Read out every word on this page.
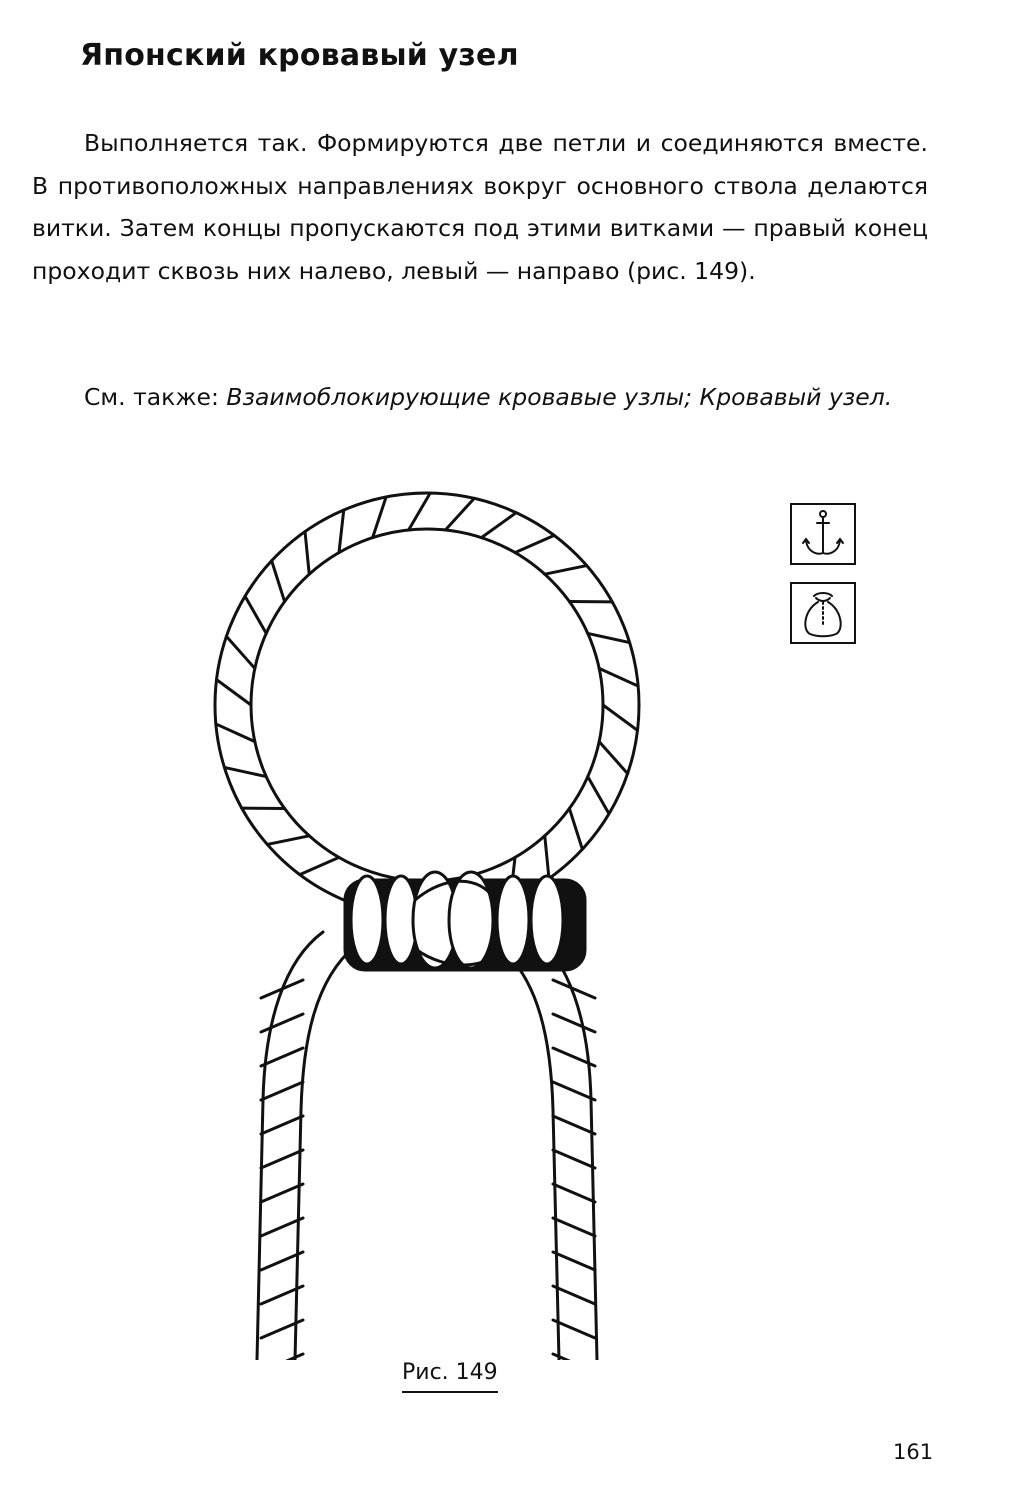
Японский кровавый узел

Выполняется так. Формируются две петли и соединяются вместе. В противоположных направлениях вокруг основного ствола делаются витки. Затем концы пропускаются под этими витками — правый конец проходит сквозь них налево, левый — направо (рис. 149).

См. также: Взаимоблокирующие кровавые узлы; Кровавый узел.

Рис. 149
161
